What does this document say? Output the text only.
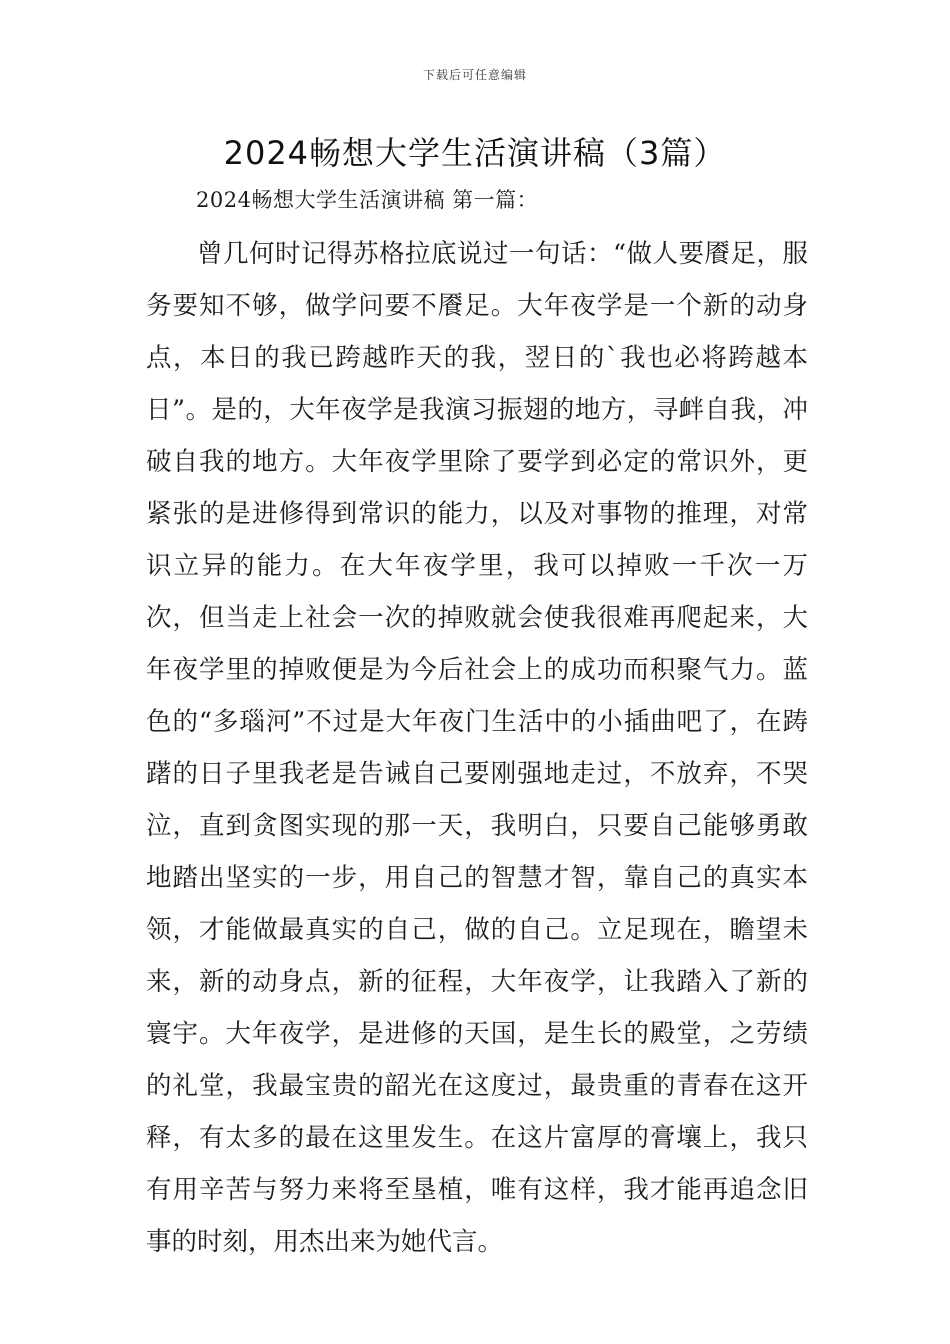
下载后可任意编辑
2024畅想大学生活演讲稿（3篇）

2024畅想大学生活演讲稿 第一篇：

曾几何时记得苏格拉底说过一句话：“做人要餍足，服务要知不够，做学问要不餍足。大年夜学是一个新的动身点，本日的我已跨越昨天的我，翌日的`我也必将跨越本日”。是的，大年夜学是我演习振翅的地方，寻衅自我，冲破自我的地方。大年夜学里除了要学到必定的常识外，更紧张的是进修得到常识的能力，以及对事物的推理，对常识立异的能力。在大年夜学里，我可以掉败一千次一万次，但当走上社会一次的掉败就会使我很难再爬起来，大年夜学里的掉败便是为今后社会上的成功而积聚气力。蓝色的“多瑙河”不过是大年夜门生活中的小插曲吧了，在踌躇的日子里我老是告诫自己要刚强地走过，不放弃，不哭泣，直到贪图实现的那一天，我明白，只要自己能够勇敢地踏出坚实的一步，用自己的智慧才智，靠自己的真实本领，才能做最真实的自己，做的自己。立足现在，瞻望未来，新的动身点，新的征程，大年夜学，让我踏入了新的寰宇。大年夜学，是进修的天国，是生长的殿堂，之劳绩的礼堂，我最宝贵的韶光在这度过，最贵重的青春在这开释，有太多的最在这里发生。在这片富厚的膏壤上，我只有用辛苦与努力来将至垦植，唯有这样，我才能再追念旧事的时刻，用杰出来为她代言。
